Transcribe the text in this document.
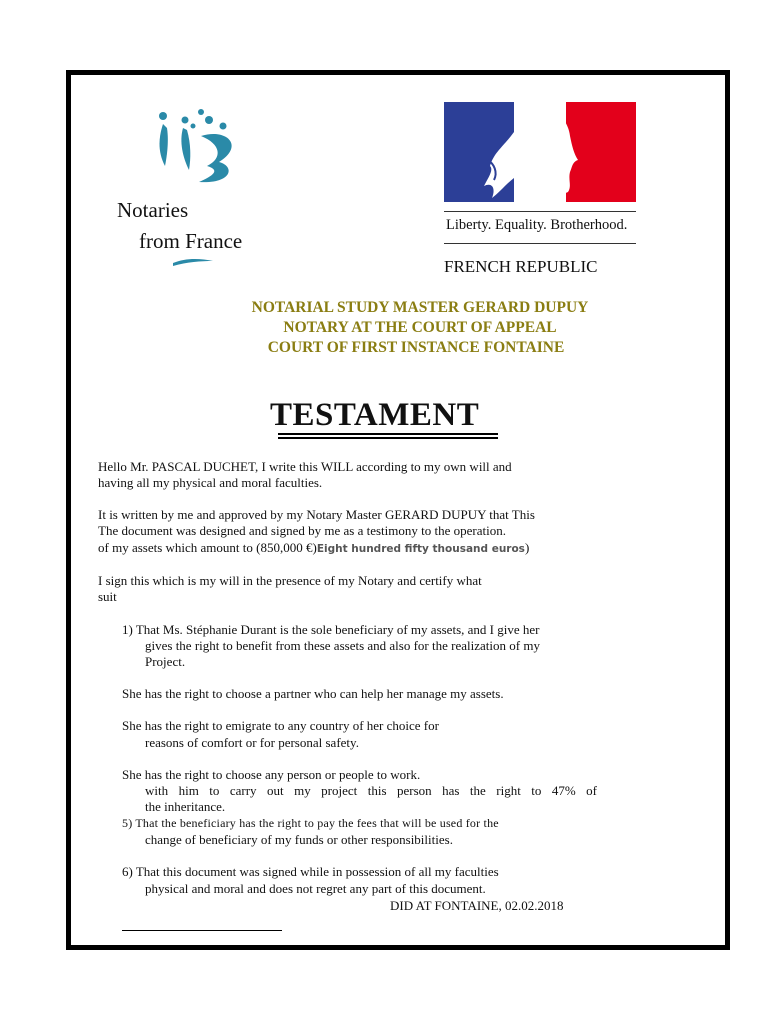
Notaries
from France
Liberty. Equality. Brotherhood.
FRENCH REPUBLIC
NOTARIAL STUDY MASTER GERARD DUPUY
NOTARY AT THE COURT OF APPEAL
COURT OF FIRST INSTANCE FONTAINE
TESTAMENT
Hello Mr. PASCAL DUCHET, I write this WILL according to my own will and
having all my physical and moral faculties.
It is written by me and approved by my Notary Master GERARD DUPUY that This
The document was designed and signed by me as a testimony to the operation.
of my assets which amount to (850,000 €)Eight hundred fifty thousand euros)
I sign this which is my will in the presence of my Notary and certify what
suit
1) That Ms. Stéphanie Durant is the sole beneficiary of my assets, and I give her
gives the right to benefit from these assets and also for the realization of my
Project.
She has the right to choose a partner who can help her manage my assets.
She has the right to emigrate to any country of her choice for
reasons of comfort or for personal safety.
She has the right to choose any person or people to work.
with him to carry out my project this person has the right to 47% of
the inheritance.
5) That the beneficiary has the right to pay the fees that will be used for the
change of beneficiary of my funds or other responsibilities.
6) That this document was signed while in possession of all my faculties
physical and moral and does not regret any part of this document.
DID AT FONTAINE, 02.02.2018
